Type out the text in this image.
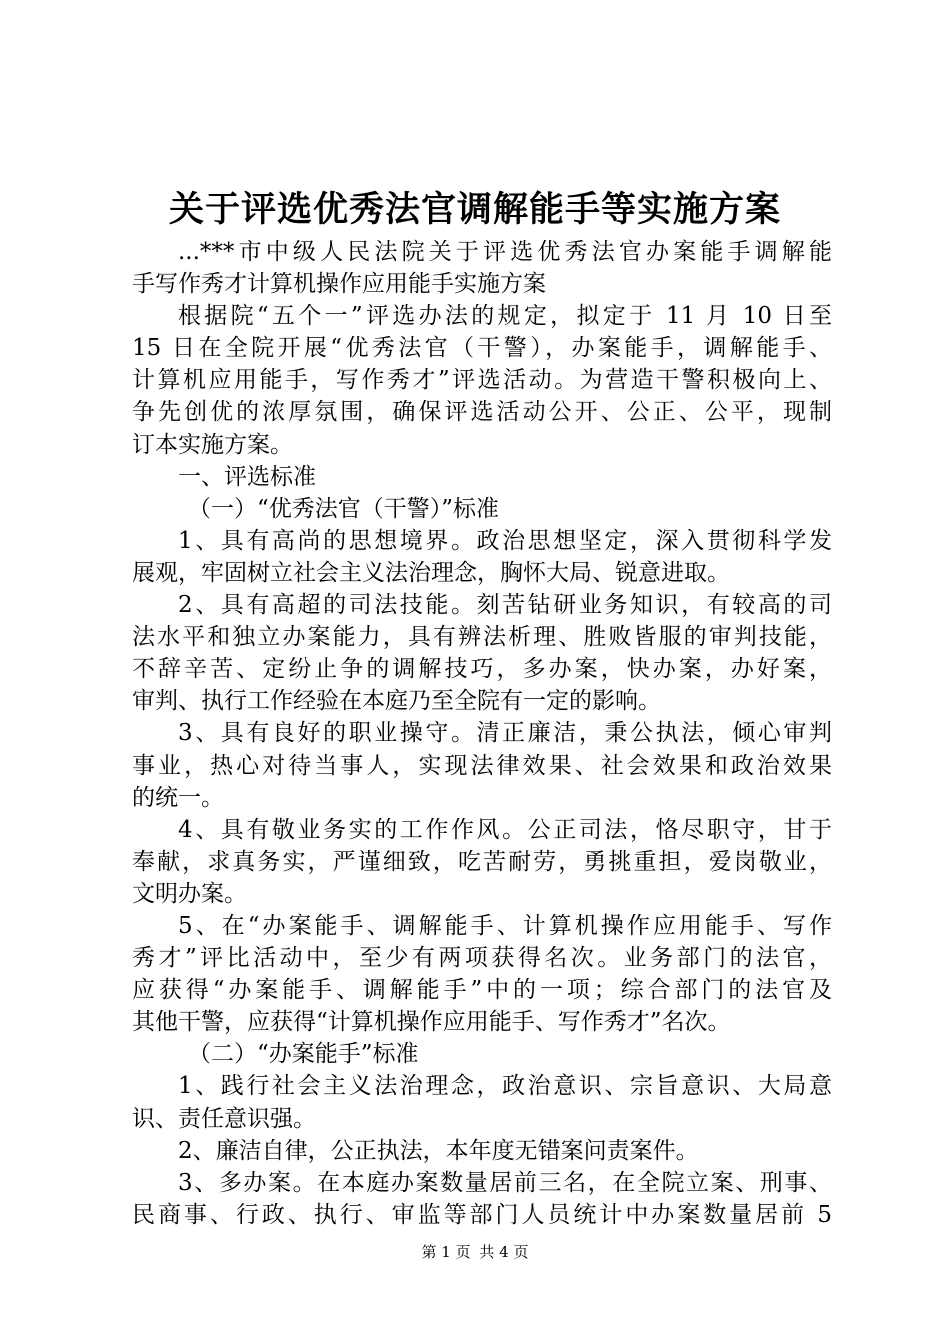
关于评选优秀法官调解能手等实施方案
...***市中级人民法院关于评选优秀法官办案能手调解能
手写作秀才计算机操作应用能手实施方案
根据院“五个一”评选办法的规定，拟定于 11 月 10 日至
15 日在全院开展“优秀法官（干警），办案能手，调解能手、
计算机应用能手，写作秀才”评选活动。为营造干警积极向上、
争先创优的浓厚氛围，确保评选活动公开、公正、公平，现制
订本实施方案。
一、评选标准
（一）“优秀法官（干警）”标准
1、具有高尚的思想境界。政治思想坚定，深入贯彻科学发
展观，牢固树立社会主义法治理念，胸怀大局、锐意进取。
2、具有高超的司法技能。刻苦钻研业务知识，有较高的司
法水平和独立办案能力，具有辨法析理、胜败皆服的审判技能，
不辞辛苦、定纷止争的调解技巧，多办案，快办案，办好案，
审判、执行工作经验在本庭乃至全院有一定的影响。
3、具有良好的职业操守。清正廉洁，秉公执法，倾心审判
事业，热心对待当事人，实现法律效果、社会效果和政治效果
的统一。
4、具有敬业务实的工作作风。公正司法，恪尽职守，甘于
奉献，求真务实，严谨细致，吃苦耐劳，勇挑重担，爱岗敬业，
文明办案。
5、在“办案能手、调解能手、计算机操作应用能手、写作
秀才”评比活动中，至少有两项获得名次。业务部门的法官，
应获得“办案能手、调解能手”中的一项；综合部门的法官及
其他干警，应获得“计算机操作应用能手、写作秀才”名次。
（二）“办案能手”标准
1、践行社会主义法治理念，政治意识、宗旨意识、大局意
识、责任意识强。
2、廉洁自律，公正执法，本年度无错案问责案件。
3、多办案。在本庭办案数量居前三名，在全院立案、刑事、
民商事、行政、执行、审监等部门人员统计中办案数量居前 5
第 1 页 共 4 页
